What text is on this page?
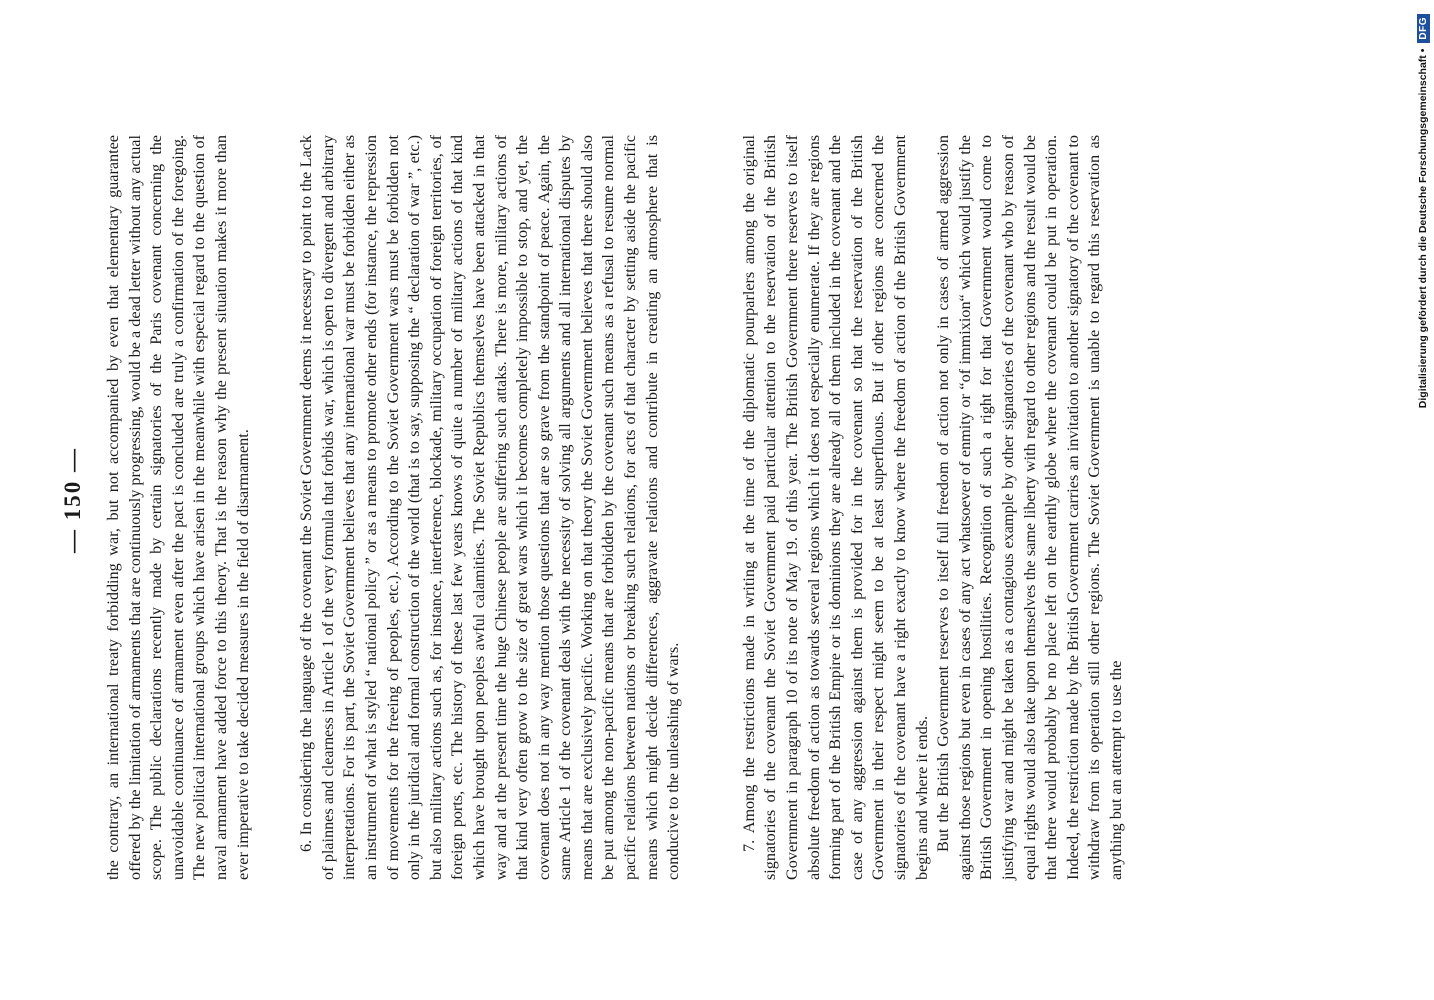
— 150 — the contrary, an international treaty forbidding war, but not accompanied by even that elementary guarantee offered by the limitation of armaments that are continuously progressing, would be a dead letter without any actual scope. The public declarations recently made by certain signatories of the Paris covenant concerning the unavoidable continuance of armament even after the pact is concluded are truly a confirmation of the foregoing. The new political international groups which have arisen in the meanwhile with especial regard to the question of naval armament have added force to this theory. That is the reason why the present situation makes it more than ever imperative to take decided measures in the field of disarmament.	6. In considering the language of the covenant the Soviet Government deems it necessary to point to the Lack of plainnes and clearness in Article 1 of the very formula that forbids war, which is open to divergent and arbitrary interpretations. For its part, the Soviet Government believes that any international war must be forbidden either as an instrument of what is styled “ national policy ” or as a means to promote other ends (for instance, the repression of movements for the freeing of peoples, etc.). According to the Soviet Government wars must be forbidden not only in the juridical and formal construction of the world (that is to say, supposing the “ declaration of war ”, etc.) but also military actions such as, for instance, interference, blockade, military occupation of foreign territories, of foreign ports, etc. The history of these last few years knows of quite a number of military actions of that kind which have brought upon peoples awful calamities. The Soviet Republics themselves have been attacked in that way and at the present time the huge Chinese people are suffering such attaks. There is more, military actions of that kind very often grow to the size of great wars which it becomes completely impossible to stop, and yet, the covenant does not in any way mention those questions that are so grave from the standpoint of peace. Again, the same Article 1 of the covenant deals with the necessity of solving all arguments and all international disputes by means that are exclusively pacific. Working on that theory the Soviet Government believes that there should also be put among the non-pacific means that are forbidden by the covenant such means as a refusal to resume normal pacific relations between nations or breaking such relations, for acts of that character by setting aside the pacific means which might decide differences, aggravate relations and contribute in creating an atmosphere that is conducive to the unleashing of wars.	7. Among the restrictions made in writing at the time of the diplomatic pourparlers among the original signatories of the covenant the Soviet Government paid particular attention to the reservation of the British Government in paragraph 10 of its note of May 19. of this year. The British Government there reserves to itself absolute freedom of action as towards several regions which it does not especially enumerate. If they are regions forming part of the British Empire or its dominions they are already all of them included in the covenant and the case of any aggression against them is provided for in the covenant so that the reservation of the British Government in their respect might seem to be at least superfluous. But if other regions are concerned the signatories of the covenant have a right exactly to know where the freedom of action of the British Government begins and where it ends. But the British Government reserves to itself full freedom of action not only in cases of armed aggression against those regions but even in cases of any act whatsoever of enmity or “of immixion“ which would justify the British Government in opening hostilities. Recognition of such a right for that Government would come to justifying war and might be taken as a contagious example by other signatories of the covenant who by reason of equal rights would also take upon themselves the same liberty with regard to other regions and the result would be that there would probably be no place left on the earthly globe where the covenant could be put in operation. Indeed, the restriction made by the British Government carries an invitation to another signatory of the covenant to withdraw from its operation still other regions. The Soviet Government is unable to regard this reservation as anything but an attempt to use the

Digitalisierung gefördert durch die Deutsche Forschungsgemeinschaft •
DFG
